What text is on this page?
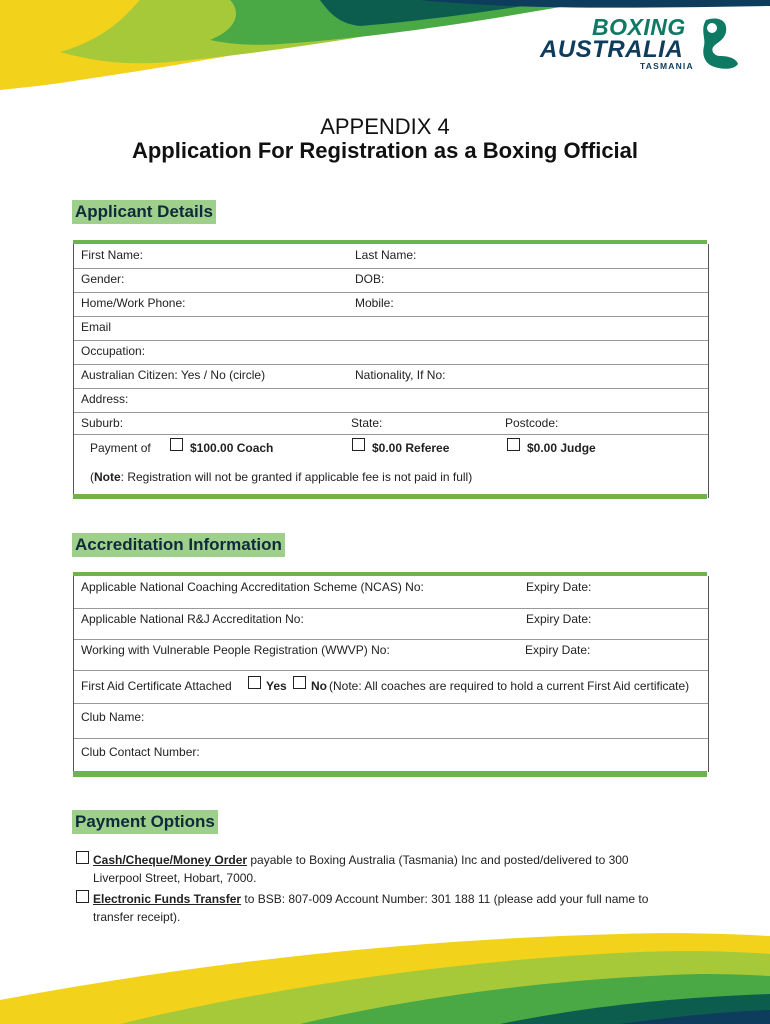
BOXING
AUSTRALIA
TASMANIA
APPENDIX 4
Application For Registration as a Boxing Official
Applicant Details
First Name:	Last Name:
Gender:	DOB:
Home/Work Phone:	Mobile:
Email
Occupation:
Australian Citizen: Yes / No (circle)	Nationality, If No:
Address:
Suburb:	State:	Postcode:
Payment of	$100.00 Coach	$0.00 Referee	$0.00 Judge
(Note: Registration will not be granted if applicable fee is not paid in full)
Accreditation Information
Applicable National Coaching Accreditation Scheme (NCAS) No:	Expiry Date:
Applicable National R&J Accreditation No:	Expiry Date:
Working with Vulnerable People Registration (WWVP) No:	Expiry Date:
First Aid Certificate Attached	Yes No (Note: All coaches are required to hold a current First Aid certificate)
Club Name:
Club Contact Number:
Payment Options
Cash/Cheque/Money Order payable to Boxing Australia (Tasmania) Inc and posted/delivered to 300
Liverpool Street, Hobart, 7000.
Electronic Funds Transfer to BSB: 807-009 Account Number: 301 188 11 (please add your full name to
transfer receipt).
